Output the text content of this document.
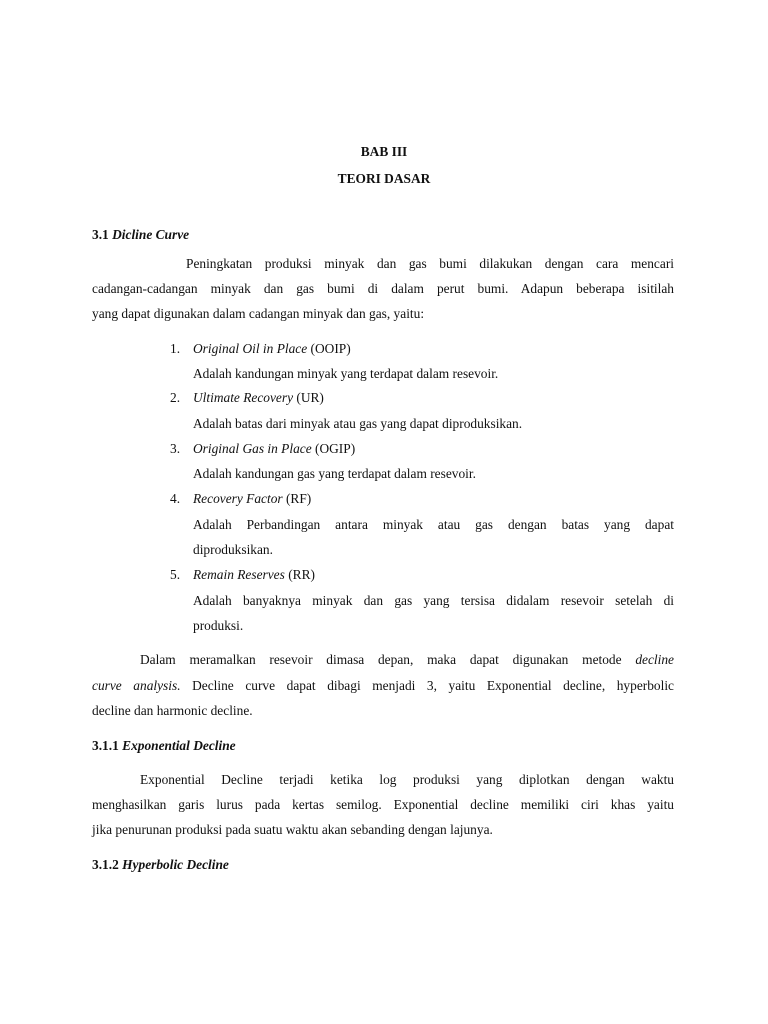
BAB III
TEORI DASAR
3.1 Dicline Curve
Peningkatan produksi minyak dan gas bumi dilakukan dengan cara mencari
cadangan-cadangan minyak dan gas bumi di dalam perut bumi. Adapun beberapa isitilah
yang dapat digunakan dalam cadangan minyak dan gas, yaitu:
1. Original Oil in Place (OOIP)
Adalah kandungan minyak yang terdapat dalam resevoir.
2. Ultimate Recovery (UR)
Adalah batas dari minyak atau gas yang dapat diproduksikan.
3. Original Gas in Place (OGIP)
Adalah kandungan gas yang terdapat dalam resevoir.
4. Recovery Factor (RF)
Adalah Perbandingan antara minyak atau gas dengan batas yang dapat
diproduksikan.
5. Remain Reserves (RR)
Adalah banyaknya minyak dan gas yang tersisa didalam resevoir setelah di
produksi.
Dalam meramalkan resevoir dimasa depan, maka dapat digunakan metode decline
curve analysis. Decline curve dapat dibagi menjadi 3, yaitu Exponential decline, hyperbolic
decline dan harmonic decline.
3.1.1 Exponential Decline
Exponential Decline terjadi ketika log produksi yang diplotkan dengan waktu
menghasilkan garis lurus pada kertas semilog. Exponential decline memiliki ciri khas yaitu
jika penurunan produksi pada suatu waktu akan sebanding dengan lajunya.
3.1.2 Hyperbolic Decline
